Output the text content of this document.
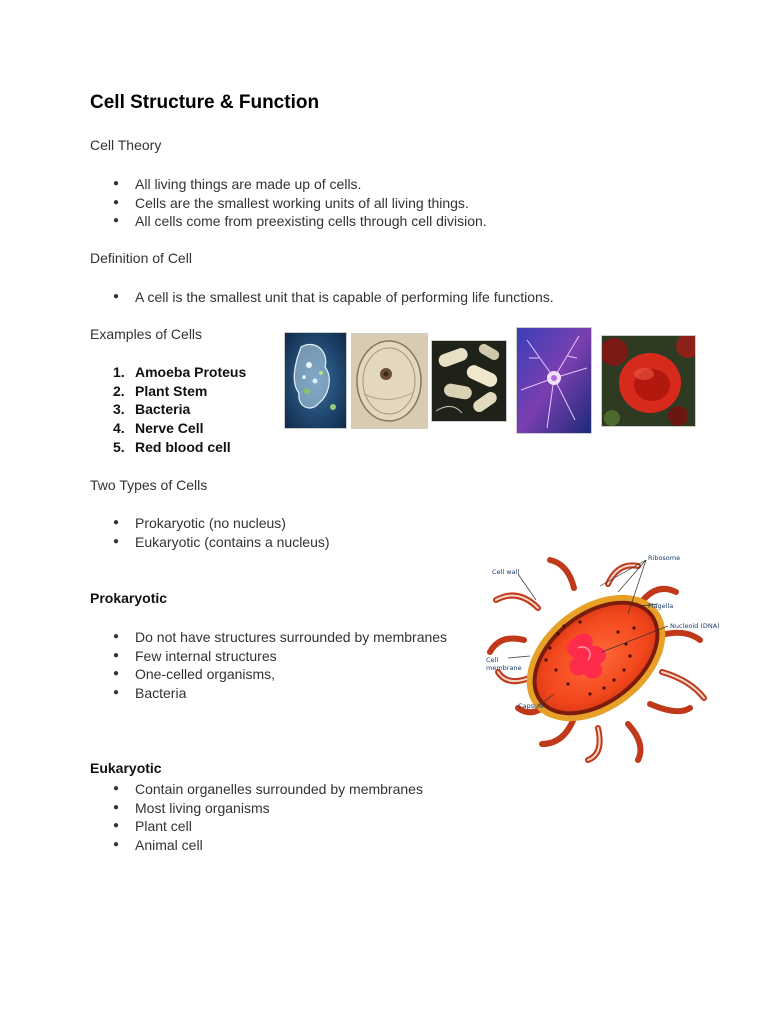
Cell Structure & Function
Cell Theory
● All living things are made up of cells.
● Cells are the smallest working units of all living things.
● All cells come from preexisting cells through cell division.
Definition of Cell
● A cell is the smallest unit that is capable of performing life functions.
Examples of Cells
1. Amoeba Proteus
2. Plant Stem
3. Bacteria
4. Nerve Cell
5. Red blood cell
Two Types of Cells
● Prokaryotic (no nucleus)
● Eukaryotic (contains a nucleus)
Prokaryotic
● Do not have structures surrounded by membranes
● Few internal structures
● One-celled organisms,
● Bacteria
Ribosome
Cell wall
Flagella
Nucleoid (DNA)
Cell
membrane
Capsule
Eukaryotic
● Contain organelles surrounded by membranes
● Most living organisms
● Plant cell
● Animal cell
